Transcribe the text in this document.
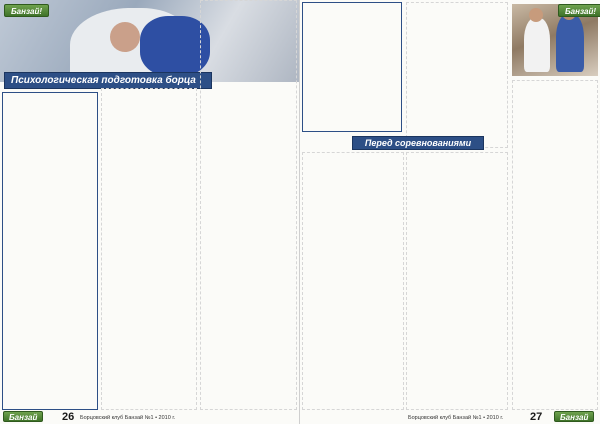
Банзай!
Психологическая подготовка борца
Банзай	26 Борцовский клуб Банзай №1 • 2010 г.
Банзай!
Перед соревнованиями
Борцовский клуб Банзай №1 • 2010 г. 27	Банзай
